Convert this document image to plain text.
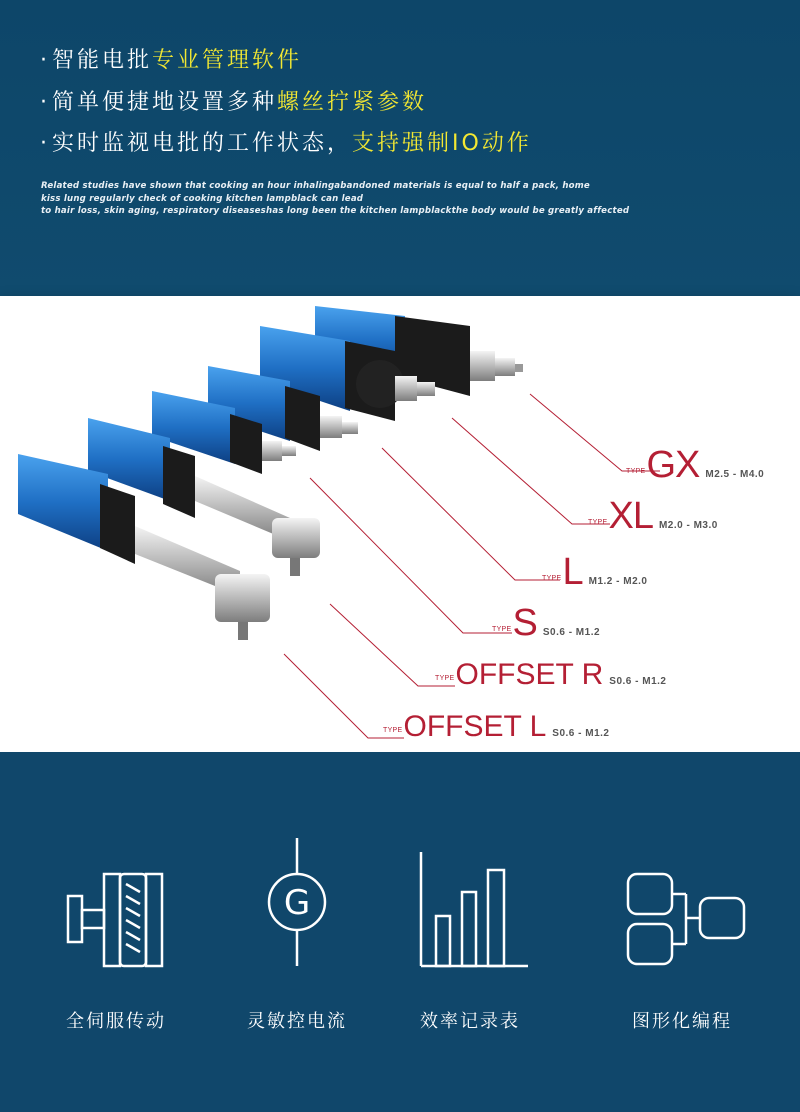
·智能电批专业管理软件
·简单便捷地设置多种螺丝拧紧参数
·实时监视电批的工作状态，支持强制IO动作
Related studies have shown that cooking an hour inhalingabandoned materials is equal to half a pack, home
kiss lung regularly check of cooking kitchen lampblack can lead
to hair loss, skin aging, respiratory diseaseshas long been the kitchen lampblackthe body would be greatly affected
$^{TYPE}$GX M2.5 - M4.0
$^{TYPE}$XL M2.0 - M3.0
$^{TYPE}$L M1.2 - M2.0
$^{TYPE}$S S0.6 - M1.2
$^{TYPE}$OFFSET R S0.6 - M1.2
$^{TYPE}$OFFSET L S0.6 - M1.2
G
全伺服传动	灵敏控电流	效率记录表	图形化编程
